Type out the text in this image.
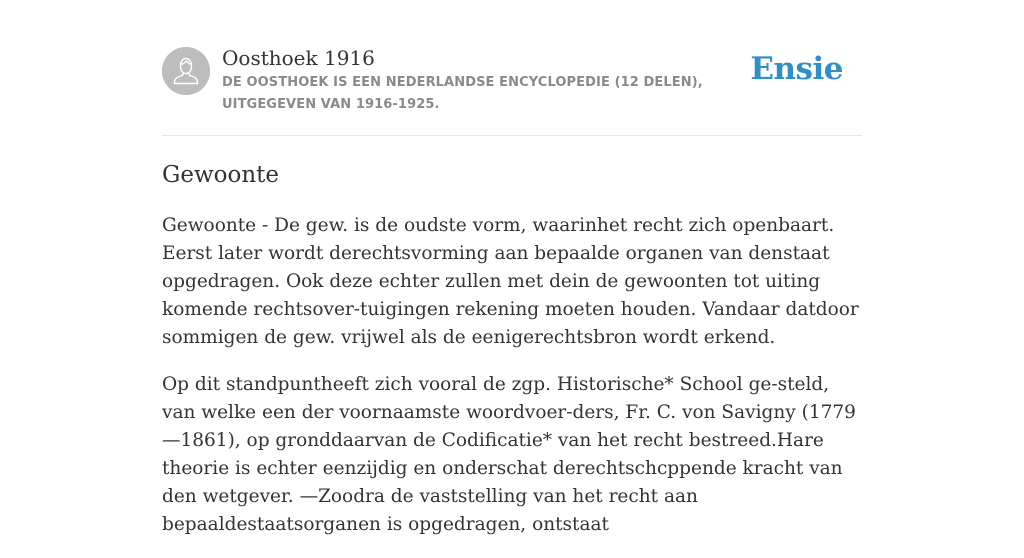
Oosthoek 1916
DE OOSTHOEK IS EEN NEDERLANDSE ENCYCLOPEDIE (12 DELEN), UITGEGEVEN VAN 1916-1925.
Ensie
Gewoonte

Gewoonte - De gew. is de oudste vorm, waarinhet recht zich openbaart. Eerst later wordt derechtsvorming aan bepaalde organen van denstaat opgedragen. Ook deze echter zullen met dein de gewoonten tot uiting komende rechtsover-tuigingen rekening moeten houden. Vandaar datdoor sommigen de gew. vrijwel als de eenigerechtsbron wordt erkend.

Op dit standpuntheeft zich vooral de zgp. Historische* School ge-steld, van welke een der voornaamste woordvoer-ders, Fr. C. von Savigny (1779—1861), op gronddaarvan de Codificatie* van het recht bestreed.Hare theorie is echter eenzijdig en onderschat derechtschcppende kracht van den wetgever. —Zoodra de vaststelling van het recht aan bepaaldestaatsorganen is opgedragen, ontstaat
